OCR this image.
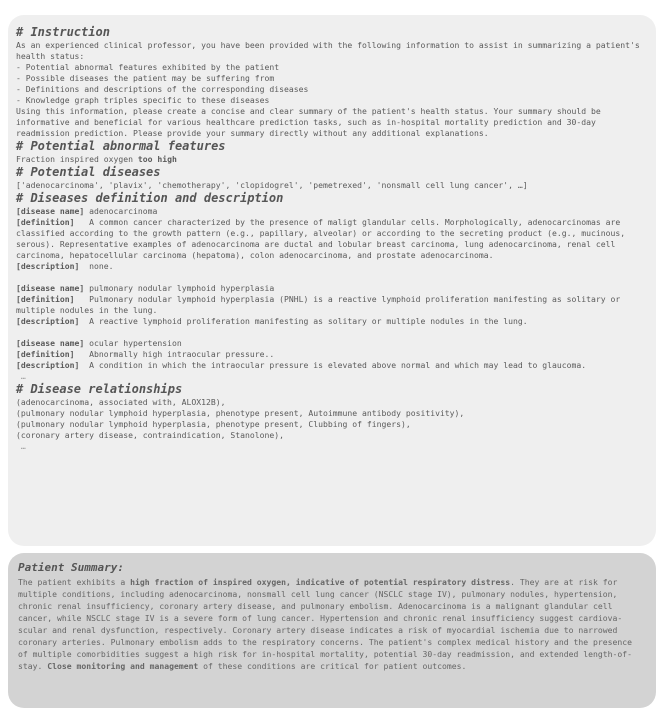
# Instruction

As an experienced clinical professor, you have been provided with the following information to assist in summarizing a patient's health status:

- Potential abnormal features exhibited by the patient

- Possible diseases the patient may be suffering from

- Definitions and descriptions of the corresponding diseases

- Knowledge graph triples specific to these diseases

Using this information, please create a concise and clear summary of the patient's health status. Your summary should be informative and beneficial for various healthcare prediction tasks, such as in-hospital mortality prediction and 30-day readmission prediction. Please provide your summary directly without any additional explanations.

# Potential abnormal features

Fraction inspired oxygen too high

# Potential diseases

['adenocarcinoma', 'plavix', 'chemotherapy', 'clopidogrel', 'pemetrexed', 'nonsmall cell lung cancer', …]

# Diseases definition and description

[disease name] adenocarcinoma

[definition] A common cancer characterized by the presence of maligt glandular cells. Morphologically, adenocarcinomas are classified according to the growth pattern (e.g., papillary, alveolar) or according to the secreting product (e.g., mucinous, serous). Representative examples of adenocarcinoma are ductal and lobular breast carcinoma, lung adenocarcinoma, renal cell carcinoma, hepatocellular carcinoma (hepatoma), colon adenocarcinoma, and prostate adenocarcinoma.

[description] none.

[disease name] pulmonary nodular lymphoid hyperplasia

[definition] Pulmonary nodular lymphoid hyperplasia (PNHL) is a reactive lymphoid proliferation manifesting as solitary or multiple nodules in the lung.

[description] A reactive lymphoid proliferation manifesting as solitary or multiple nodules in the lung.

[disease name] ocular hypertension

[definition] Abnormally high intraocular pressure..

[description] A condition in which the intraocular pressure is elevated above normal and which may lead to glaucoma.

…

# Disease relationships

(adenocarcinoma, associated with, ALOX12B),

(pulmonary nodular lymphoid hyperplasia, phenotype present, Autoimmune antibody positivity),

(pulmonary nodular lymphoid hyperplasia, phenotype present, Clubbing of fingers),

(coronary artery disease, contraindication, Stanolone),

…

Patient Summary:

The patient exhibits a high fraction of inspired oxygen, indicative of potential respiratory distress. They are at risk for multiple conditions, including adenocarcinoma, nonsmall cell lung cancer (NSCLC stage IV), pulmonary nodules, hypertension, chronic renal insufficiency, coronary artery disease, and pulmonary embolism. Adenocarcinoma is a malignant glandular cell cancer, while NSCLC stage IV is a severe form of lung cancer. Hypertension and chronic renal insufficiency suggest cardiova-scular and renal dysfunction, respectively. Coronary artery disease indicates a risk of myocardial ischemia due to narrowed coronary arteries. Pulmonary embolism adds to the respiratory concerns. The patient's complex medical history and the presence of multiple comorbidities suggest a high risk for in-hospital mortality, potential 30-day readmission, and extended length-of-stay. Close monitoring and management of these conditions are critical for patient outcomes.
